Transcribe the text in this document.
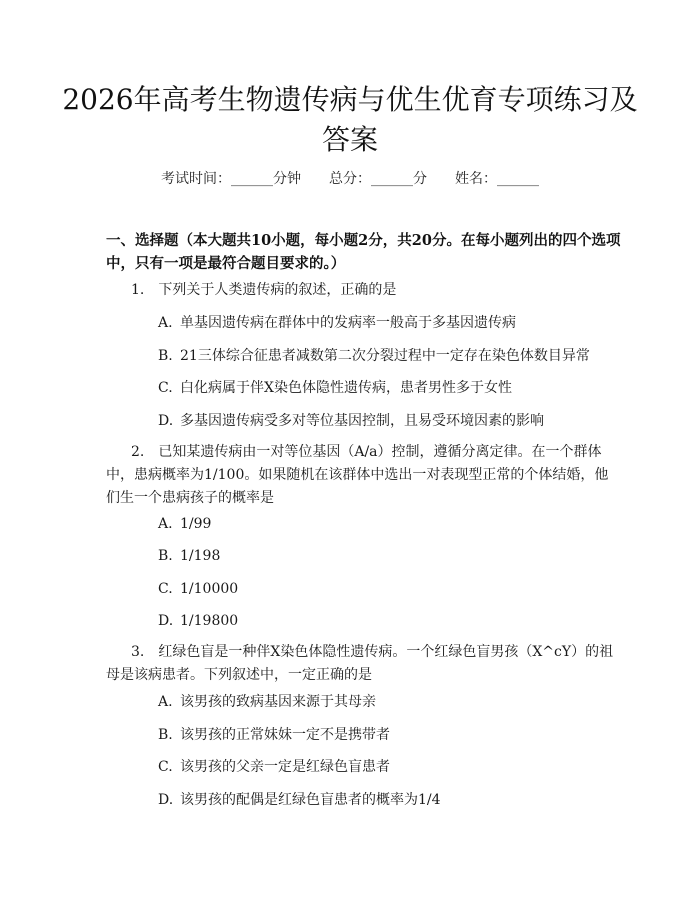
2026年高考生物遗传病与优生优育专项练习及答案
考试时间：______分钟 总分：______分 姓名：______
一、选择题（本大题共10小题，每小题2分，共20分。在每小题列出的四个选项中，只有一项是最符合题目要求的。）
1.　下列关于人类遗传病的叙述，正确的是
A. 单基因遗传病在群体中的发病率一般高于多基因遗传病
B. 21三体综合征患者减数第二次分裂过程中一定存在染色体数目异常
C. 白化病属于伴X染色体隐性遗传病，患者男性多于女性
D. 多基因遗传病受多对等位基因控制，且易受环境因素的影响
2.　已知某遗传病由一对等位基因（A/a）控制，遵循分离定律。在一个群体中，患病概率为1/100。如果随机在该群体中选出一对表现型正常的个体结婚，他们生一个患病孩子的概率是
A. 1/99
B. 1/198
C. 1/10000
D. 1/19800
3.　红绿色盲是一种伴X染色体隐性遗传病。一个红绿色盲男孩（X^cY）的祖母是该病患者。下列叙述中，一定正确的是
A. 该男孩的致病基因来源于其母亲
B. 该男孩的正常妹妹一定不是携带者
C. 该男孩的父亲一定是红绿色盲患者
D. 该男孩的配偶是红绿色盲患者的概率为1/4
